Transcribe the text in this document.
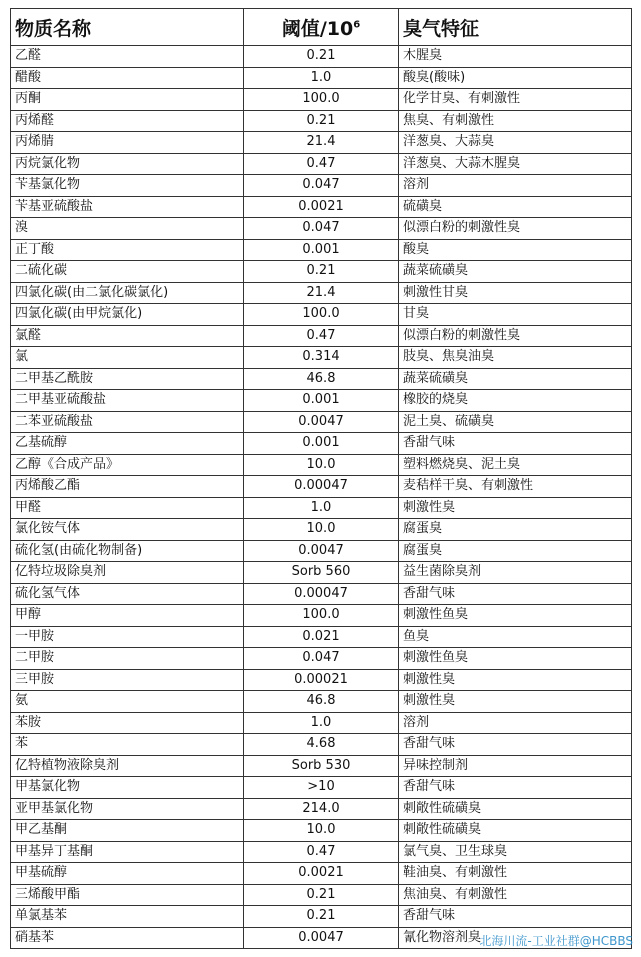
物质名称	阈值$/10^6$	臭气特征
乙醛	0.21	木腥臭
醋酸	1.0	酸臭(酸味)
丙酮	100.0	化学甘臭、有刺激性
丙烯醛	0.21	焦臭、有刺激性
丙烯腈	21.4	洋葱臭、大蒜臭
丙烷氯化物	0.47	洋葱臭、大蒜木腥臭
苄基氯化物	0.047	溶剂
苄基亚硫酸盐	0.0021	硫磺臭
溴	0.047	似漂白粉的刺激性臭
正丁酸	0.001	酸臭
二硫化碳	0.21	蔬菜硫磺臭
四氯化碳(由二氯化碳氯化)	21.4	刺激性甘臭
四氯化碳(由甲烷氯化)	100.0	甘臭
氯醛	0.47	似漂白粉的刺激性臭
氯	0.314	肢臭、焦臭油臭
二甲基乙酰胺	46.8	蔬菜硫磺臭
二甲基亚硫酸盐	0.001	橡胶的烧臭
二苯亚硫酸盐	0.0047	泥土臭、硫磺臭
乙基硫醇	0.001	香甜气味
乙醇《合成产品》	10.0	塑料燃烧臭、泥土臭
丙烯酸乙酯	0.00047	麦秸样干臭、有刺激性
甲醛	1.0	刺激性臭
氯化铵气体	10.0	腐蛋臭
硫化氢(由硫化物制备)	0.0047	腐蛋臭
亿特垃圾除臭剂	Sorb 560	益生菌除臭剂
硫化氢气体	0.00047	香甜气味
甲醇	100.0	刺激性鱼臭
一甲胺	0.021	鱼臭
二甲胺	0.047	刺激性鱼臭
三甲胺	0.00021	刺激性臭
氨	46.8	刺激性臭
苯胺	1.0	溶剂
苯	4.68	香甜气味
亿特植物液除臭剂	Sorb 530	异味控制剂
甲基氯化物	>10	香甜气味
亚甲基氯化物	214.0	刺敞性硫磺臭
甲乙基酮	10.0	刺敞性硫磺臭
甲基异丁基酮	0.47	氯气臭、卫生球臭
甲基硫醇	0.0021	鞋油臭、有刺激性
三烯酸甲酯	0.21	焦油臭、有刺激性
单氯基苯	0.21	香甜气味
硝基苯	0.0047	氰化物溶剂臭
北海川流-工业社群@HCBBS
